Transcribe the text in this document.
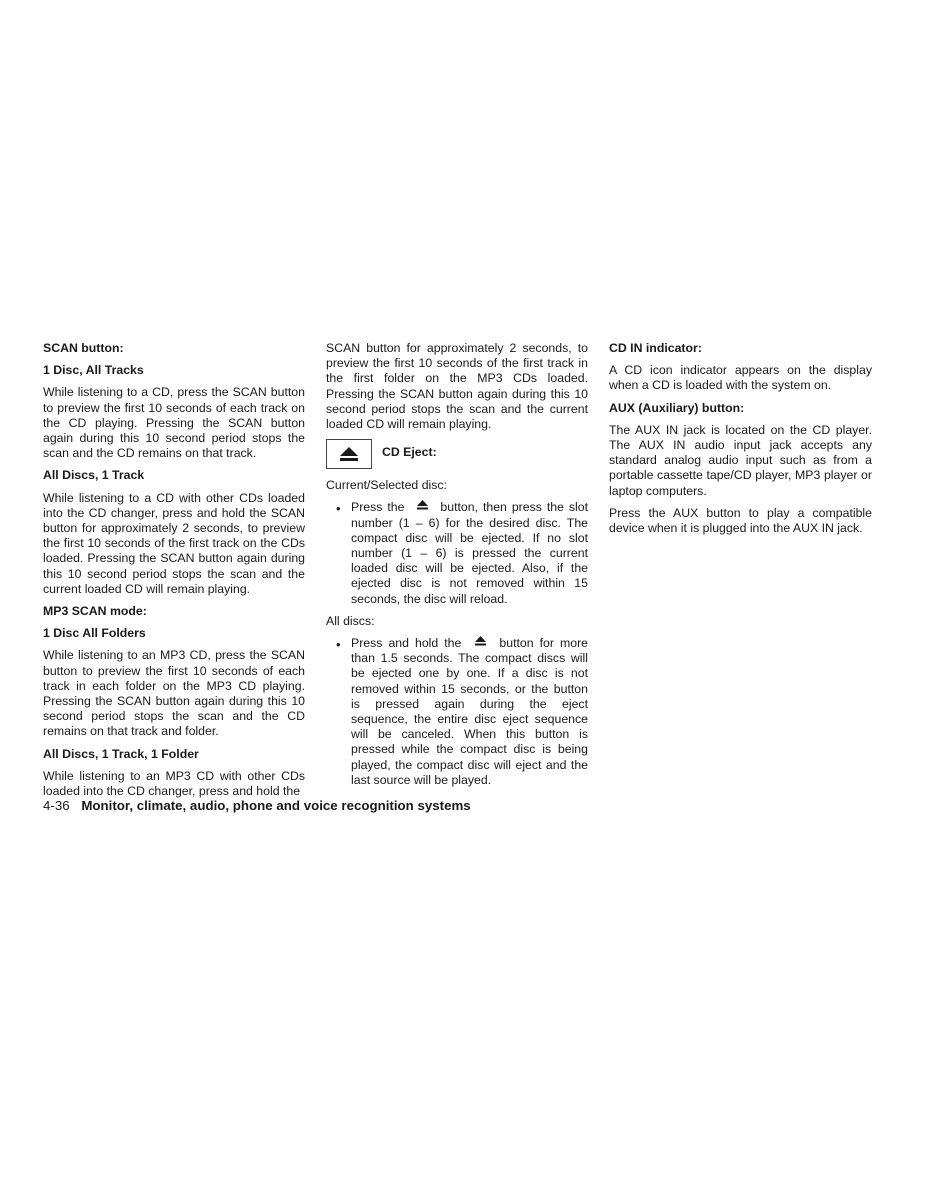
SCAN button:
1 Disc, All Tracks

While listening to a CD, press the SCAN button to preview the first 10 seconds of each track on the CD playing. Pressing the SCAN button again during this 10 second period stops the scan and the CD remains on that track.

All Discs, 1 Track

While listening to a CD with other CDs loaded into the CD changer, press and hold the SCAN button for approximately 2 seconds, to preview the first 10 seconds of the first track on the CDs loaded. Pressing the SCAN button again during this 10 second period stops the scan and the current loaded CD will remain playing.

MP3 SCAN mode:
1 Disc All Folders

While listening to an MP3 CD, press the SCAN button to preview the first 10 seconds of each track in each folder on the MP3 CD playing. Pressing the SCAN button again during this 10 second period stops the scan and the CD remains on that track and folder.

All Discs, 1 Track, 1 Folder

While listening to an MP3 CD with other CDs loaded into the CD changer, press and hold the

SCAN button for approximately 2 seconds, to preview the first 10 seconds of the first track in the first folder on the MP3 CDs loaded. Pressing the SCAN button again during this 10 second period stops the scan and the current loaded CD will remain playing.

CD Eject:

Current/Selected disc:

• Press the	button, then press the slot number (1 – 6) for the desired disc. The compact disc will be ejected. If no slot number (1 – 6) is pressed the current loaded disc will be ejected. Also, if the ejected disc is not removed within 15 seconds, the disc will reload.

All discs:

• Press and hold the	button for more than 1.5 seconds. The compact discs will be ejected one by one. If a disc is not removed within 15 seconds, or the button is pressed again during the eject sequence, the entire disc eject sequence will be canceled. When this button is pressed while the compact disc is being played, the compact disc will eject and the last source will be played.
CD IN indicator:

A CD icon indicator appears on the display when a CD is loaded with the system on.

AUX (Auxiliary) button:

The AUX IN jack is located on the CD player. The AUX IN audio input jack accepts any standard analog audio input such as from a portable cassette tape/CD player, MP3 player or laptop computers.

Press the AUX button to play a compatible device when it is plugged into the AUX IN jack.

4-36 Monitor, climate, audio, phone and voice recognition systems
